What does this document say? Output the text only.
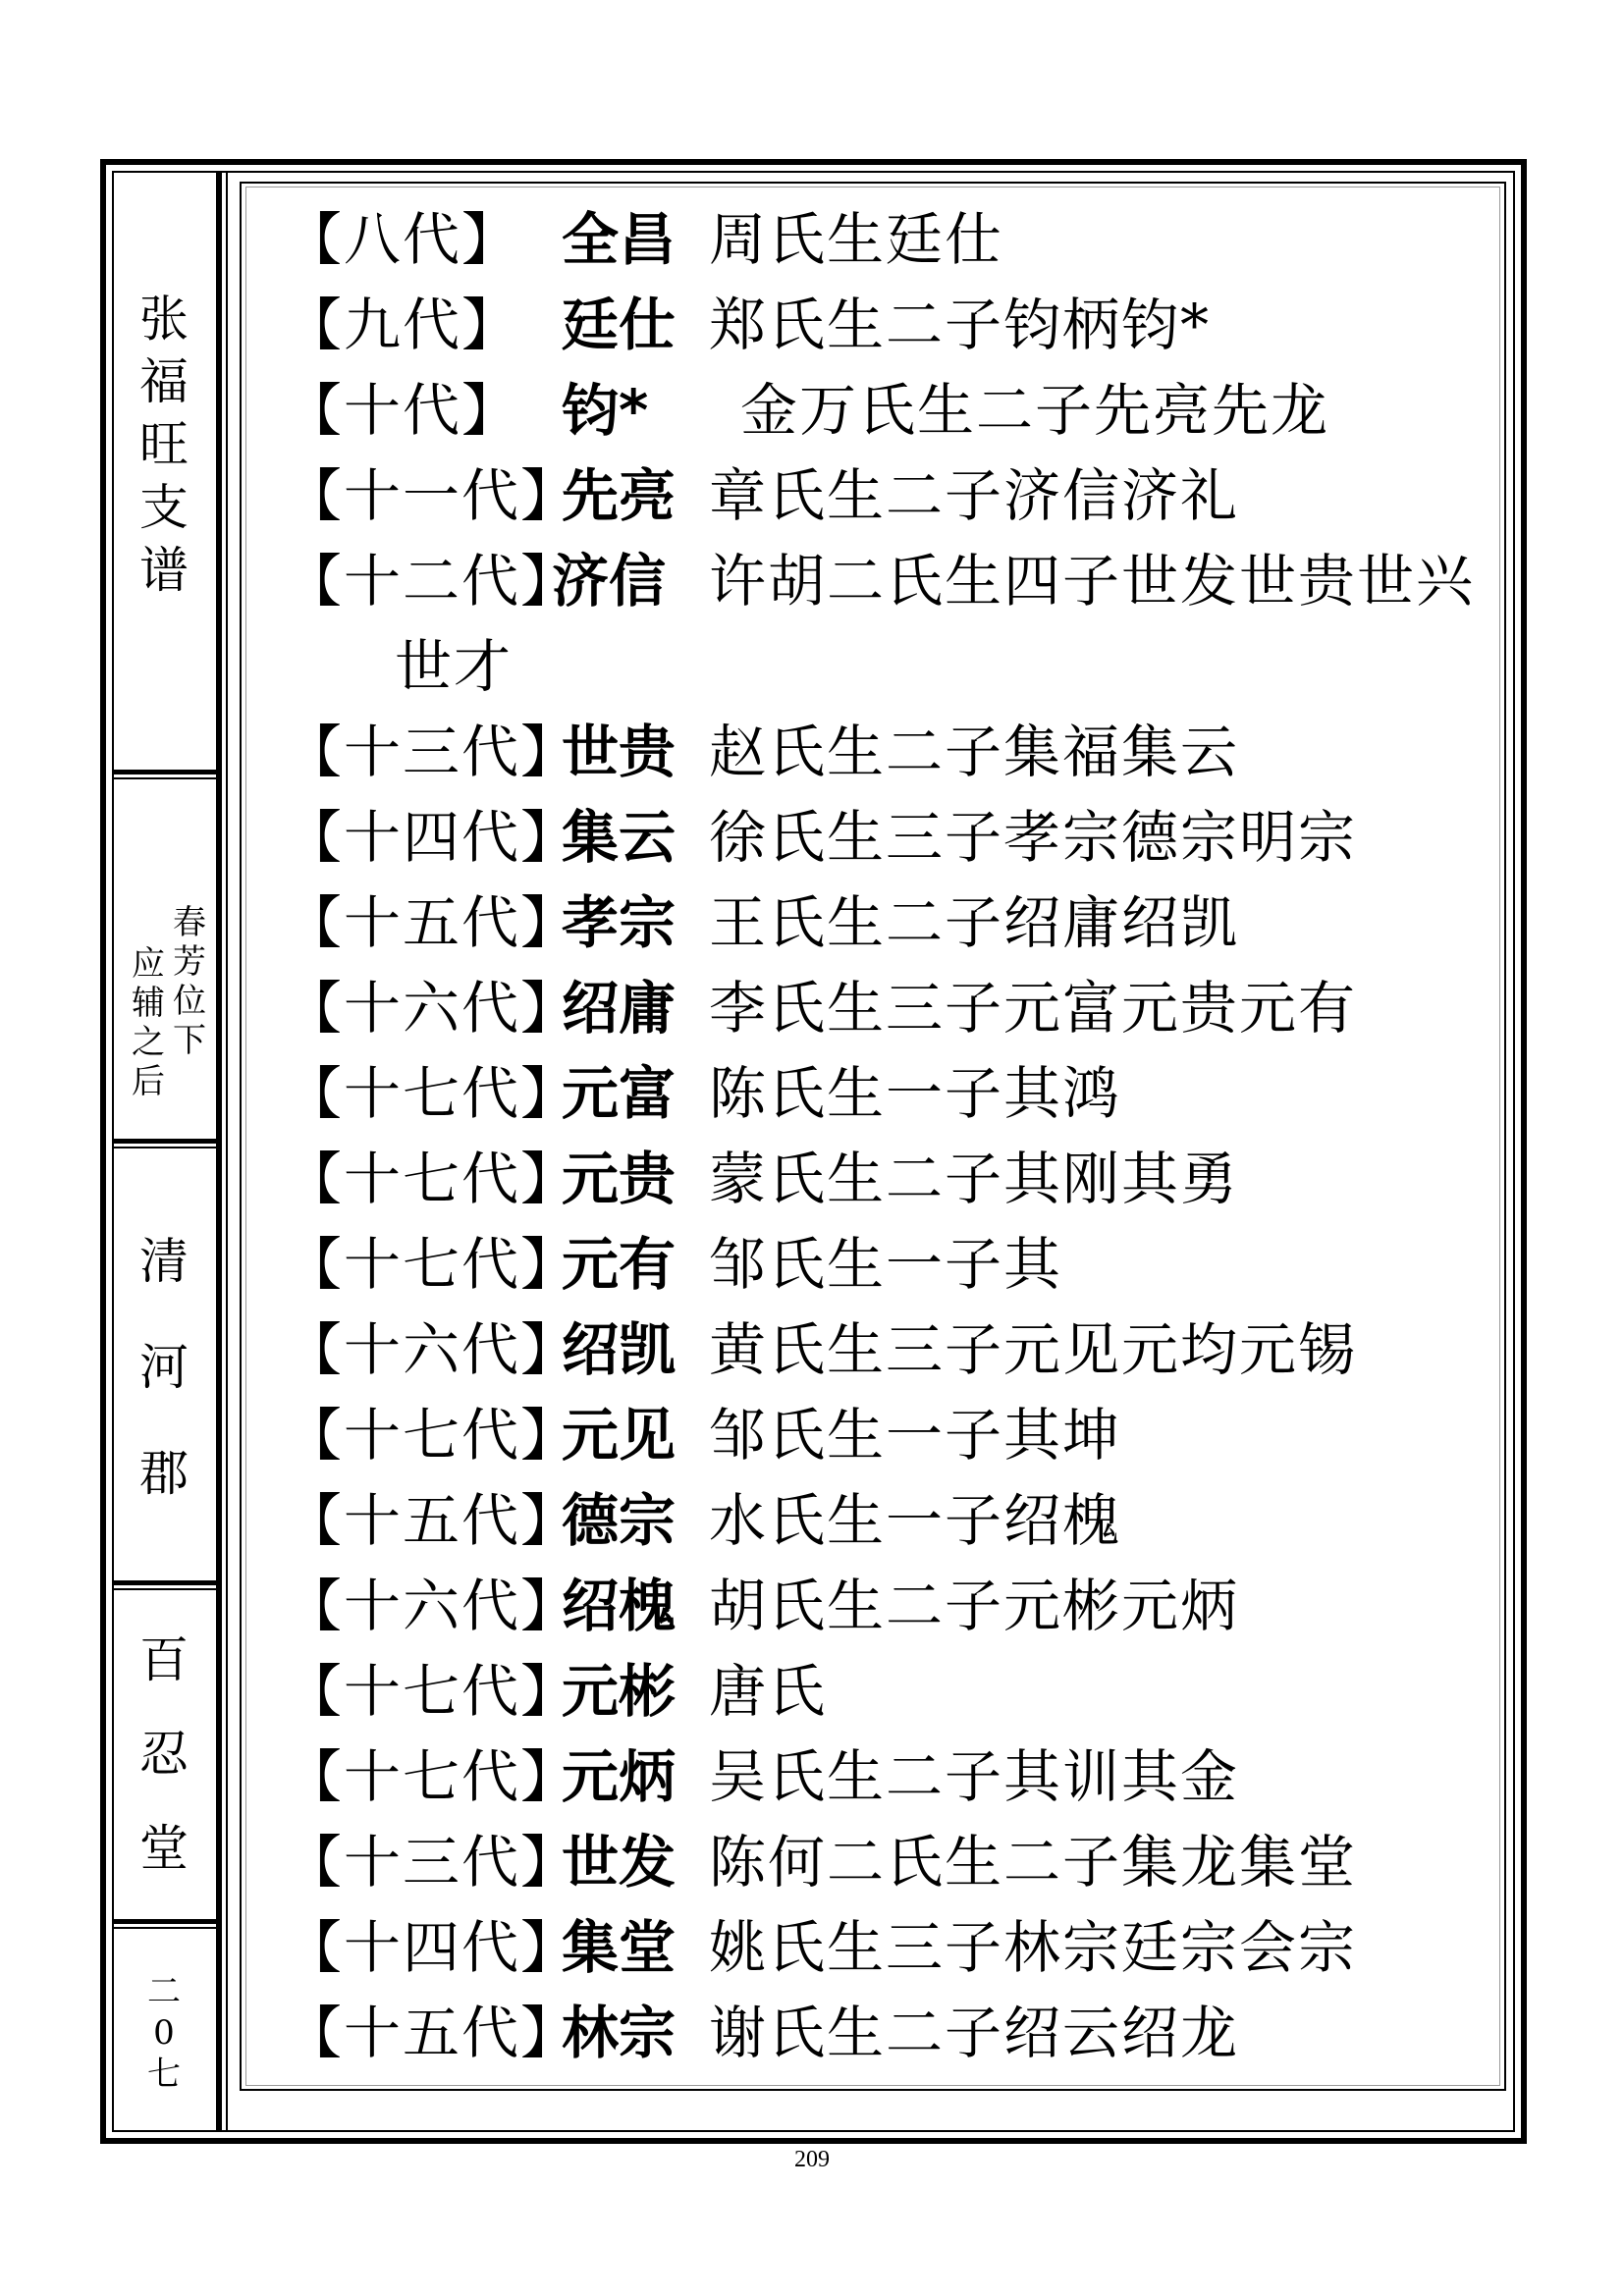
张
福
旺
支
谱
春
芳
位
下
应
辅
之
后
清
河
郡
百
忍
堂
二
0
七
【八代】 全昌 周氏生廷仕
【九代】 廷仕 郑氏生二子钧柄钧*
【十代】 钧* 金万氏生二子先亮先龙
【十一代】先亮 章氏生二子济信济礼
【十二代】济信 许胡二氏生四子世发世贵世兴
世才
【十三代】世贵 赵氏生二子集福集云
【十四代】集云 徐氏生三子孝宗德宗明宗
【十五代】孝宗 王氏生二子绍庸绍凯
【十六代】绍庸 李氏生三子元富元贵元有
【十七代】元富 陈氏生一子其鸿
【十七代】元贵 蒙氏生二子其刚其勇
【十七代】元有 邹氏生一子其
【十六代】绍凯 黄氏生三子元见元均元锡
【十七代】元见 邹氏生一子其坤
【十五代】德宗 水氏生一子绍槐
【十六代】绍槐 胡氏生二子元彬元炳
【十七代】元彬 唐氏
【十七代】元炳 吴氏生二子其训其金
【十三代】世发 陈何二氏生二子集龙集堂
【十四代】集堂 姚氏生三子林宗廷宗会宗
【十五代】林宗 谢氏生二子绍云绍龙
209
